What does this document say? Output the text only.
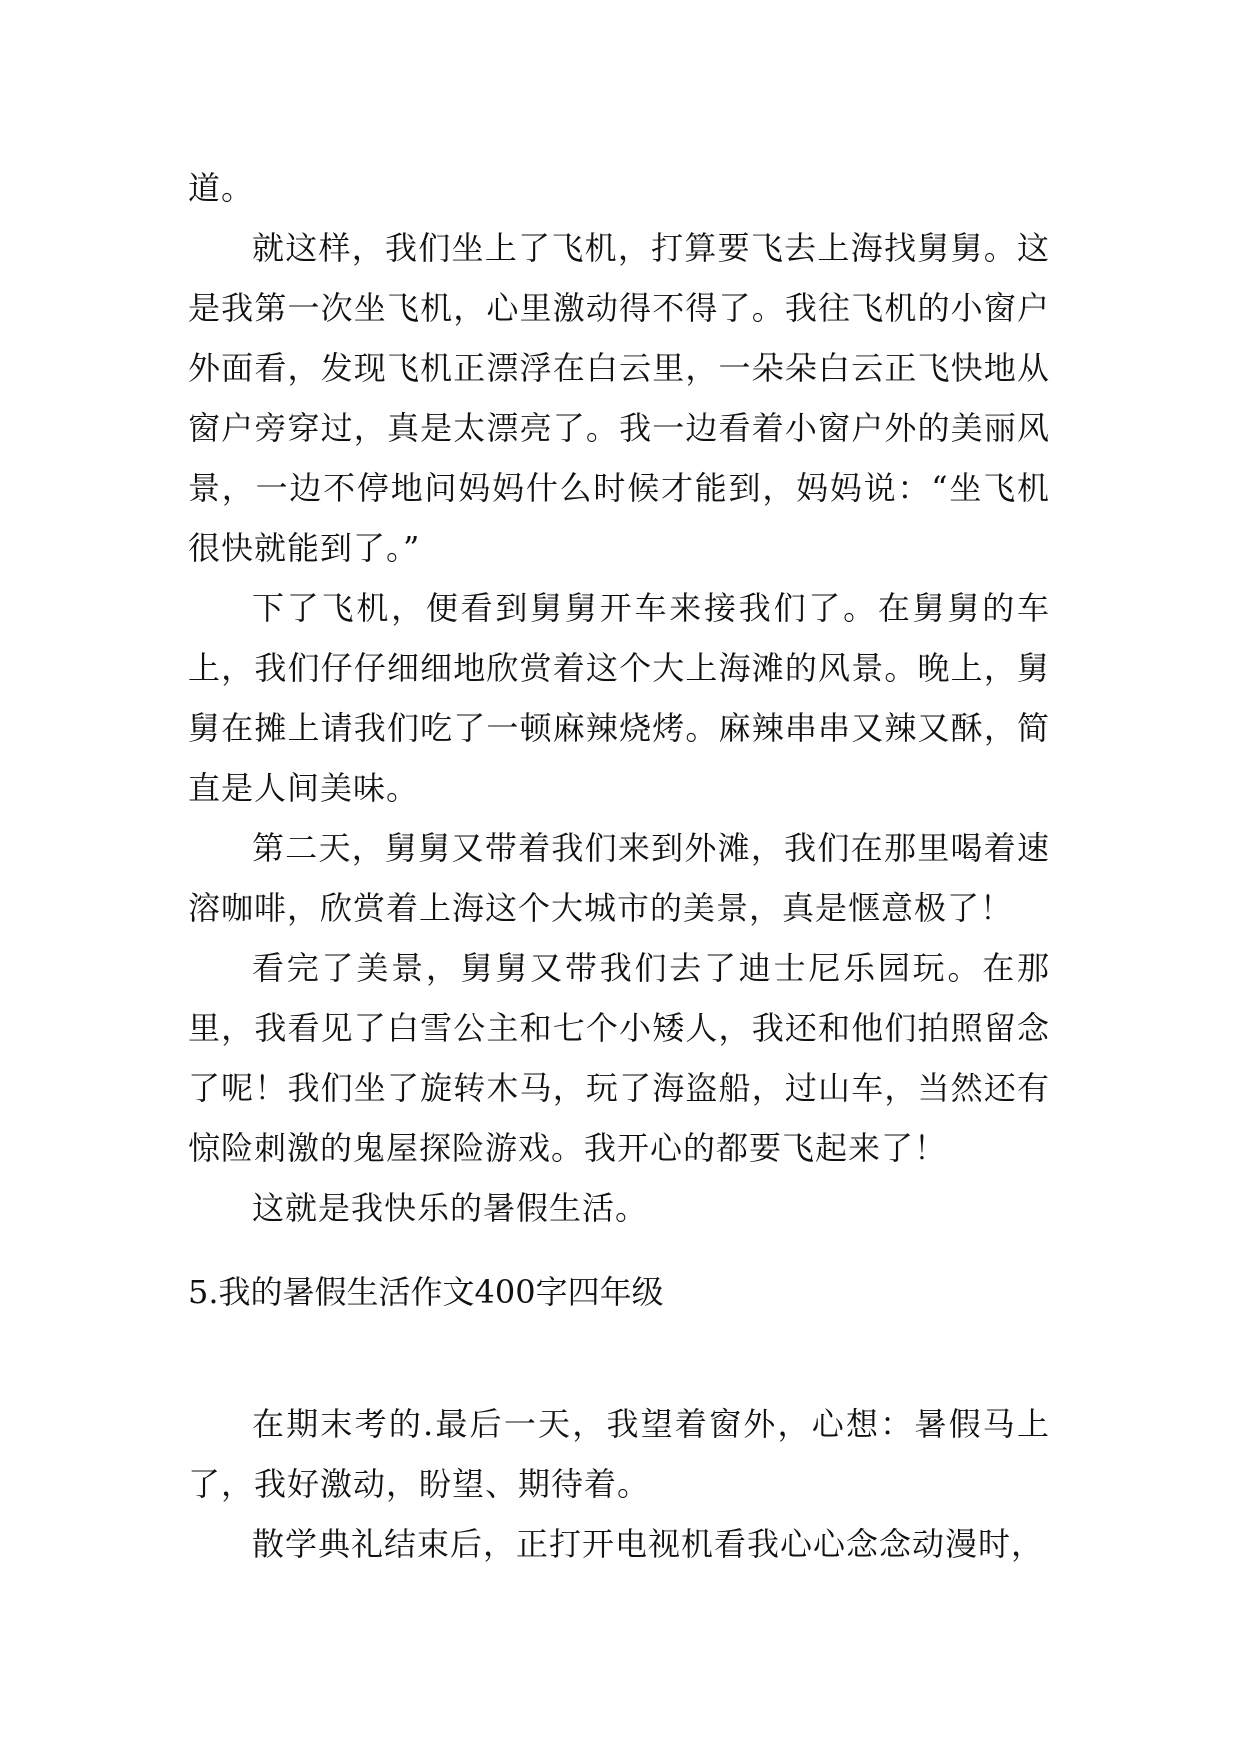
道。

就这样，我们坐上了飞机，打算要飞去上海找舅舅。这是我第一次坐飞机，心里激动得不得了。我往飞机的小窗户外面看，发现飞机正漂浮在白云里，一朵朵白云正飞快地从窗户旁穿过，真是太漂亮了。我一边看着小窗户外的美丽风景，一边不停地问妈妈什么时候才能到，妈妈说：“坐飞机很快就能到了。”

下了飞机，便看到舅舅开车来接我们了。在舅舅的车上，我们仔仔细细地欣赏着这个大上海滩的风景。晚上，舅舅在摊上请我们吃了一顿麻辣烧烤。麻辣串串又辣又酥，简直是人间美味。

第二天，舅舅又带着我们来到外滩，我们在那里喝着速溶咖啡，欣赏着上海这个大城市的美景，真是惬意极了！

看完了美景，舅舅又带我们去了迪士尼乐园玩。在那里，我看见了白雪公主和七个小矮人，我还和他们拍照留念了呢！我们坐了旋转木马，玩了海盗船，过山车，当然还有惊险刺激的鬼屋探险游戏。我开心的都要飞起来了！

这就是我快乐的暑假生活。

5.我的暑假生活作文400字四年级

在期末考的.最后一天，我望着窗外，心想：暑假马上了，我好激动，盼望、期待着。

散学典礼结束后，正打开电视机看我心心念念动漫时，
